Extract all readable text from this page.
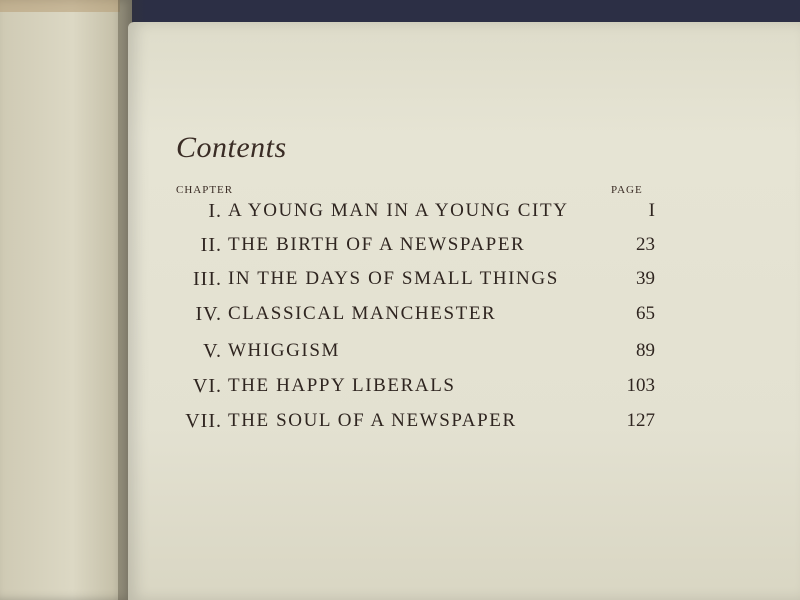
Contents
CHAPTER	PAGE
I. A YOUNG MAN IN A YOUNG CITY	I
II. THE BIRTH OF A NEWSPAPER	23
III. IN THE DAYS OF SMALL THINGS	39
IV. CLASSICAL MANCHESTER	65
V. WHIGGISM	89
VI. THE HAPPY LIBERALS	103
VII. THE SOUL OF A NEWSPAPER	127
